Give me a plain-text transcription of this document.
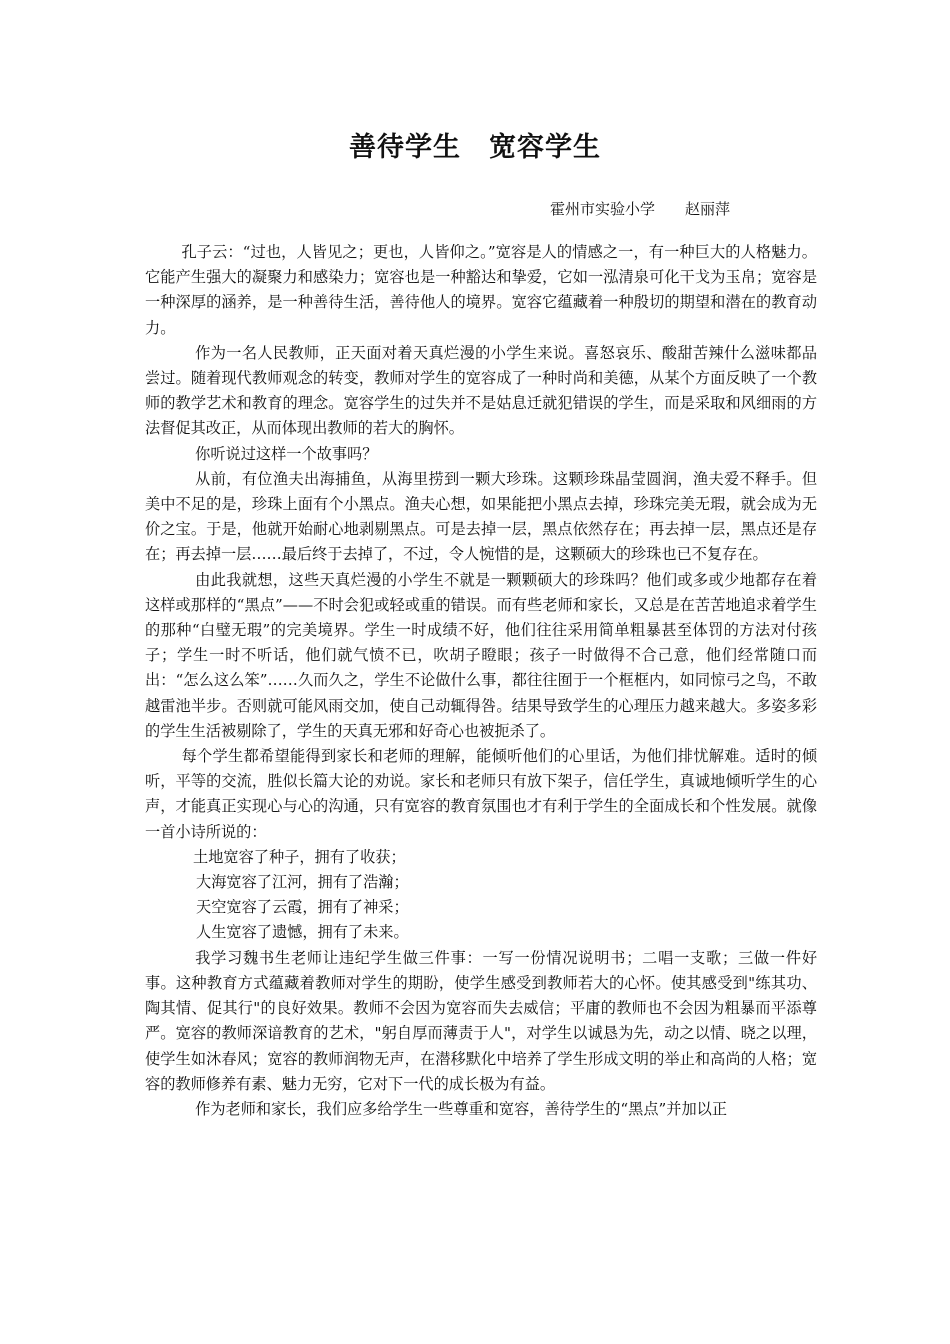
善待学生　宽容学生
霍州市实验小学　　赵丽萍

孔子云：“过也，人皆见之；更也，人皆仰之。”宽容是人的情感之一，有一种巨大的人格魅力。它能产生强大的凝聚力和感染力；宽容也是一种豁达和挚爱，它如一泓清泉可化干戈为玉帛；宽容是一种深厚的涵养，是一种善待生活，善待他人的境界。宽容它蕴藏着一种殷切的期望和潜在的教育动力。

作为一名人民教师，正天面对着天真烂漫的小学生来说。喜怒哀乐、酸甜苦辣什么滋味都品尝过。随着现代教师观念的转变，教师对学生的宽容成了一种时尚和美德，从某个方面反映了一个教师的教学艺术和教育的理念。宽容学生的过失并不是姑息迁就犯错误的学生，而是采取和风细雨的方法督促其改正，从而体现出教师的若大的胸怀。

你听说过这样一个故事吗？

从前，有位渔夫出海捕鱼，从海里捞到一颗大珍珠。这颗珍珠晶莹圆润，渔夫爱不释手。但美中不足的是，珍珠上面有个小黑点。渔夫心想，如果能把小黑点去掉，珍珠完美无瑕，就会成为无价之宝。于是，他就开始耐心地剥剔黑点。可是去掉一层，黑点依然存在；再去掉一层，黑点还是存在；再去掉一层……最后终于去掉了，不过，令人惋惜的是，这颗硕大的珍珠也已不复存在。

由此我就想，这些天真烂漫的小学生不就是一颗颗硕大的珍珠吗？他们或多或少地都存在着这样或那样的“黑点”——不时会犯或轻或重的错误。而有些老师和家长，又总是在苦苦地追求着学生的那种“白璧无瑕”的完美境界。学生一时成绩不好，他们往往采用简单粗暴甚至体罚的方法对付孩子；学生一时不听话，他们就气愤不已，吹胡子瞪眼；孩子一时做得不合己意，他们经常随口而出：“怎么这么笨”……久而久之，学生不论做什么事，都往往囿于一个框框内，如同惊弓之鸟，不敢越雷池半步。否则就可能风雨交加，使自己动辄得咎。结果导致学生的心理压力越来越大。多姿多彩的学生生活被剔除了，学生的天真无邪和好奇心也被扼杀了。

每个学生都希望能得到家长和老师的理解，能倾听他们的心里话，为他们排忧解难。适时的倾听，平等的交流，胜似长篇大论的劝说。家长和老师只有放下架子，信任学生，真诚地倾听学生的心声，才能真正实现心与心的沟通，只有宽容的教育氛围也才有利于学生的全面成长和个性发展。就像一首小诗所说的：

土地宽容了种子，拥有了收获；
大海宽容了江河，拥有了浩瀚；
天空宽容了云霞，拥有了神采；
人生宽容了遗憾，拥有了未来。

我学习魏书生老师让违纪学生做三件事：一写一份情况说明书；二唱一支歌；三做一件好事。这种教育方式蕴藏着教师对学生的期盼，使学生感受到教师若大的心怀。使其感受到"练其功、陶其情、促其行"的良好效果。教师不会因为宽容而失去威信；平庸的教师也不会因为粗暴而平添尊严。宽容的教师深谙教育的艺术，"躬自厚而薄责于人"，对学生以诚恳为先，动之以情、晓之以理，使学生如沐春风；宽容的教师润物无声，在潜移默化中培养了学生形成文明的举止和高尚的人格；宽容的教师修养有素、魅力无穷，它对下一代的成长极为有益。

作为老师和家长，我们应多给学生一些尊重和宽容，善待学生的“黑点”并加以正
